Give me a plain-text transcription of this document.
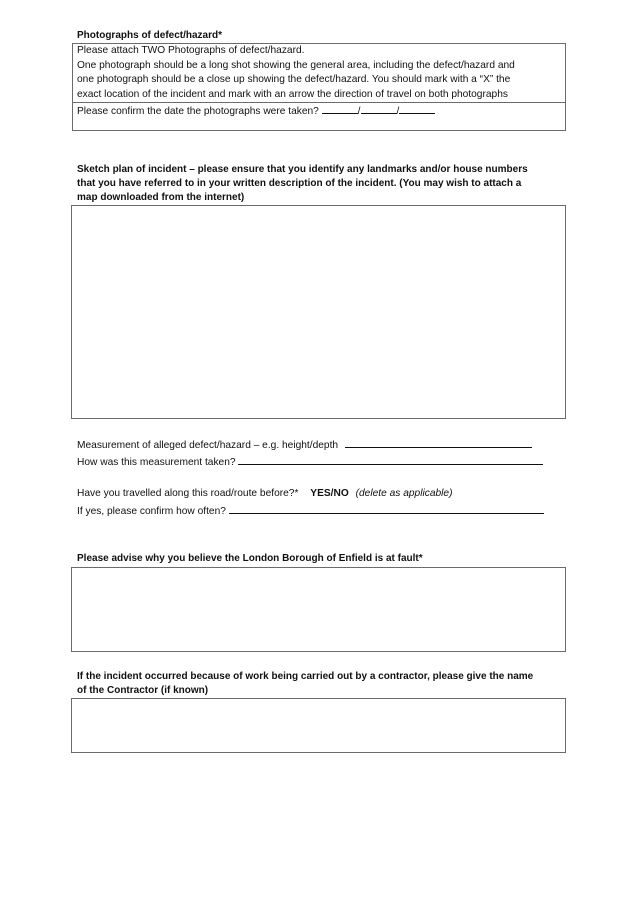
Photographs of defect/hazard*
Please attach TWO Photographs of defect/hazard.
One photograph should be a long shot showing the general area, including the defect/hazard and
one photograph should be a close up showing the defect/hazard. You should mark with a “X” the
exact location of the incident and mark with an arrow the direction of travel on both photographs
Please confirm the date the photographs were taken?	/	/
Sketch plan of incident – please ensure that you identify any landmarks and/or house numbers
that you have referred to in your written description of the incident. (You may wish to attach a
map downloaded from the internet)
Measurement of alleged defect/hazard – e.g. height/depth
How was this measurement taken?
Have you travelled along this road/route before?* YES/NO (delete as applicable)
If yes, please confirm how often?
Please advise why you believe the London Borough of Enfield is at fault*
If the incident occurred because of work being carried out by a contractor, please give the name
of the Contractor (if known)
